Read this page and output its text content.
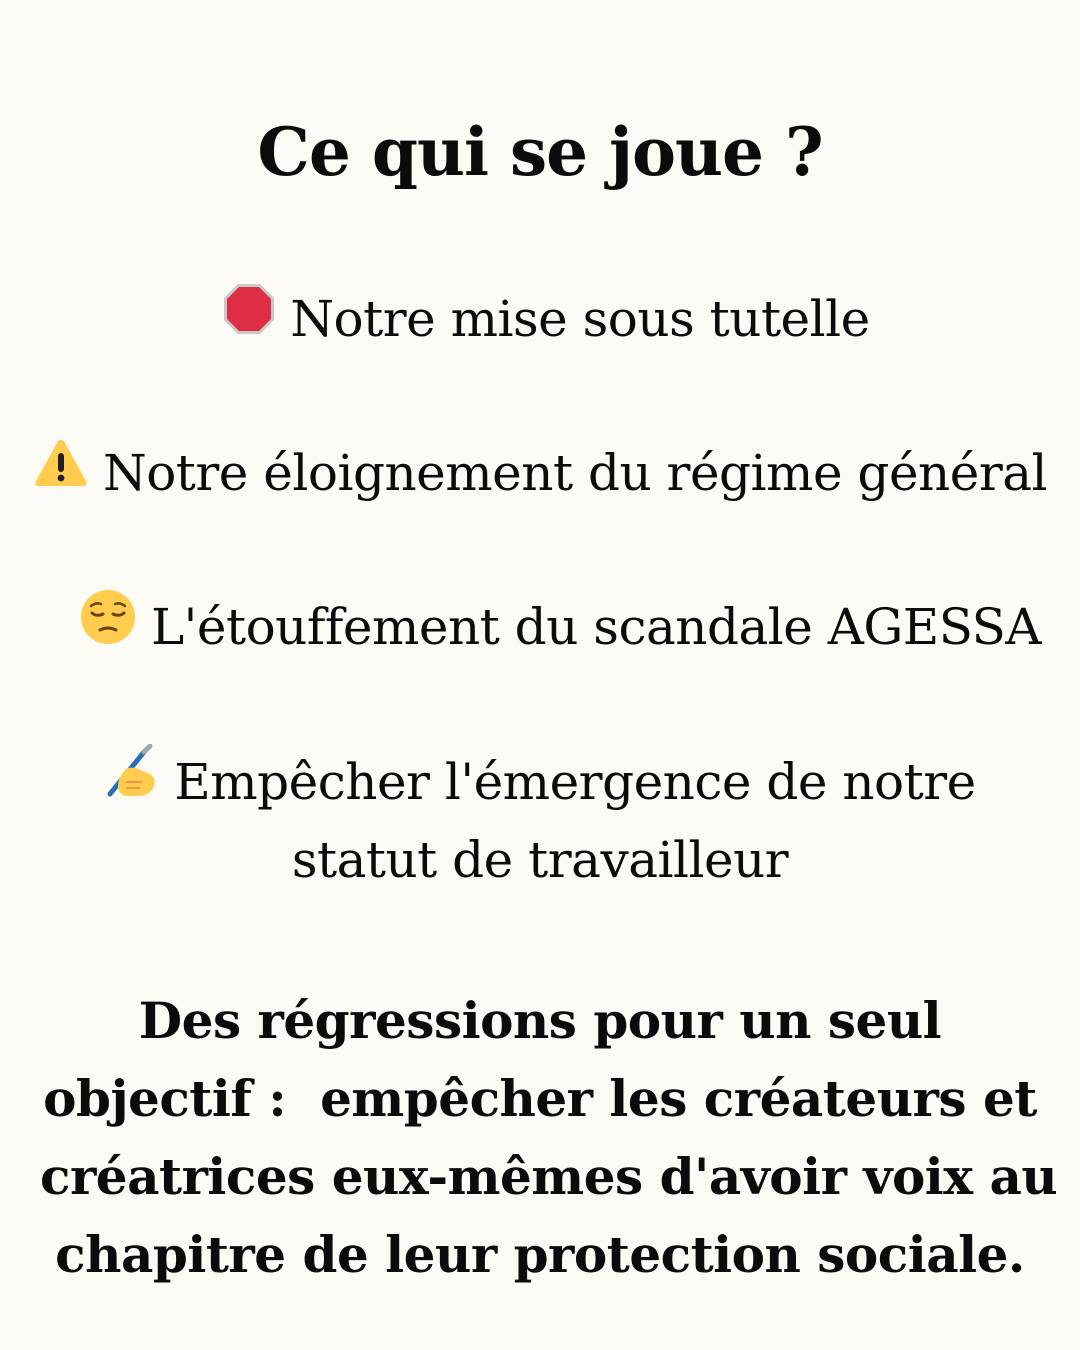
Ce qui se joue ?
Notre mise sous tutelle
Notre éloignement du régime général
L'étouffement du scandale AGESSA
Empêcher l'émergence de notre
statut de travailleur
Des régressions pour un seul
objectif :  empêcher les créateurs et
créatrices eux-mêmes d'avoir voix au
chapitre de leur protection sociale.
